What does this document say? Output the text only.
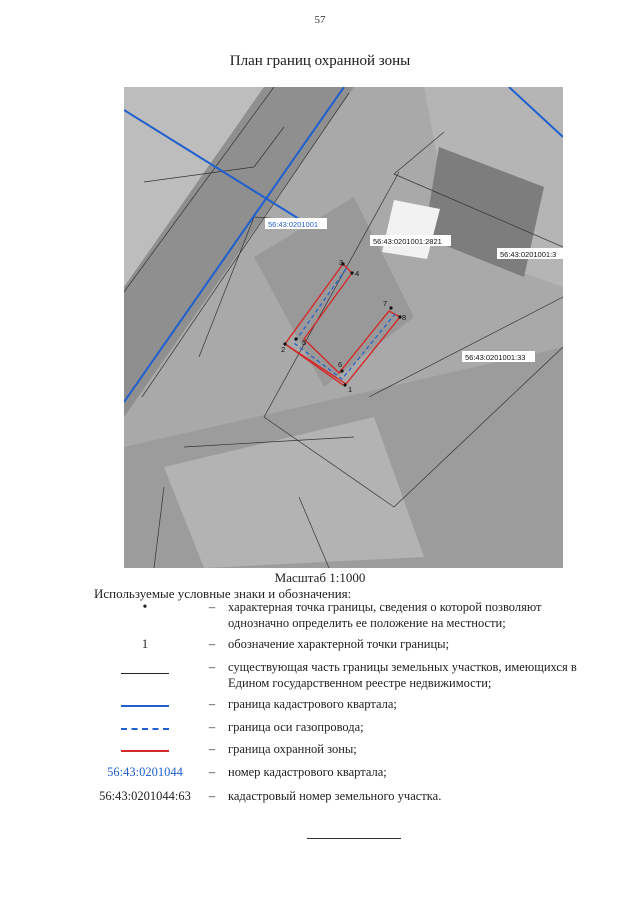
57
План границ охранной зоны
1
2
3
4
5
6
7
8
56:43:0201001
56:43:0201001:2821
56:43:0201001:3
56:43:0201001:33
Масштаб 1:1000
Используемые условные знаки и обозначения:
•	–	характерная точка границы, сведения о которой позволяют однозначно определить ее положение на местности;
1	–	обозначение характерной точки границы;
–	существующая часть границы земельных участков, имеющихся в Едином государственном реестре недвижимости;
–	граница кадастрового квартала;
–	граница оси газопровода;
–	граница охранной зоны;
56:43:0201044	–	номер кадастрового квартала;
56:43:0201044:63	–	кадастровый номер земельного участка.
